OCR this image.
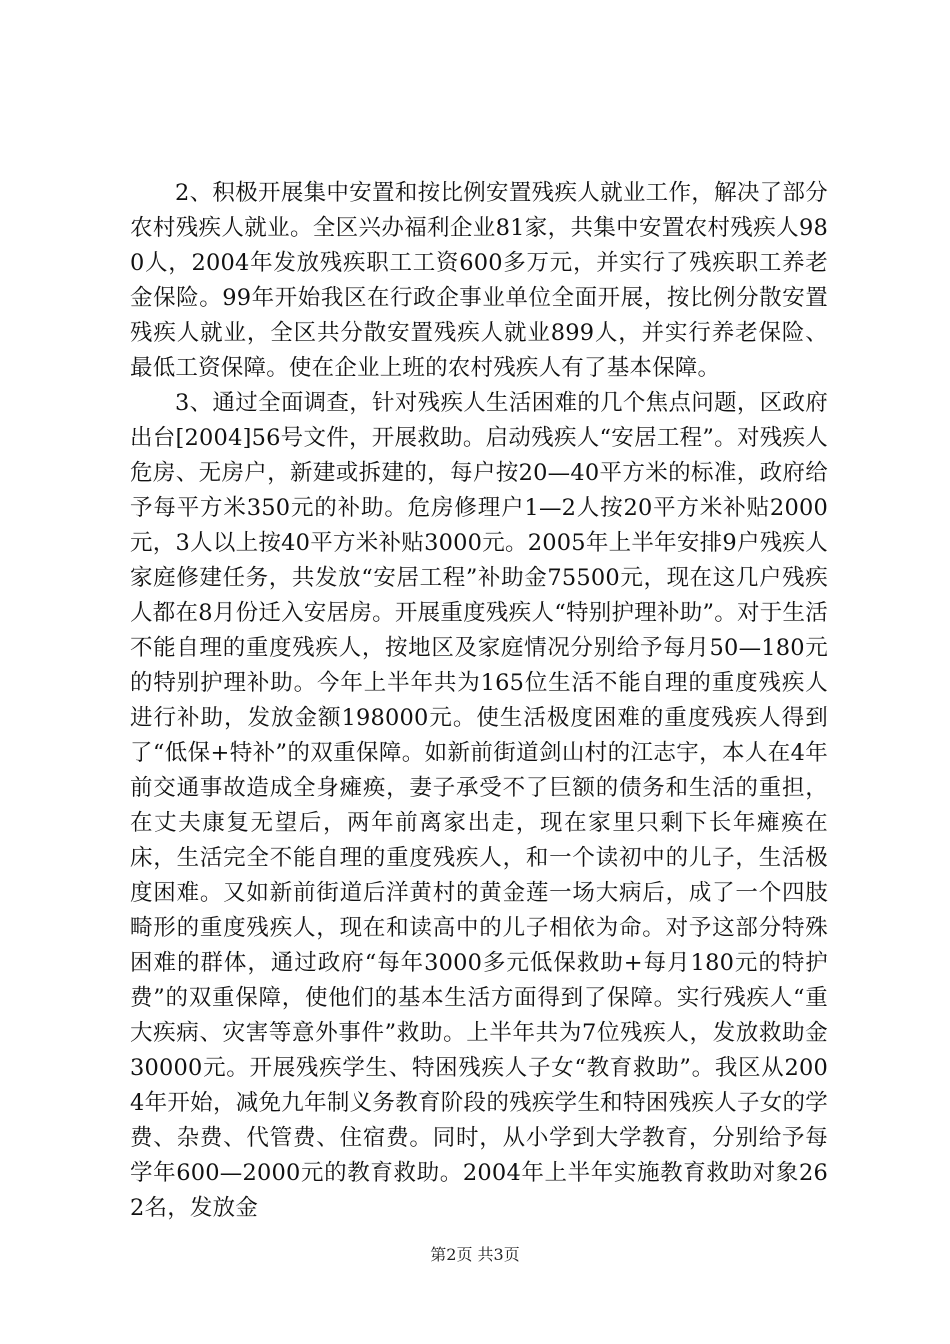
2、积极开展集中安置和按比例安置残疾人就业工作，解决了部分农村残疾人就业。全区兴办福利企业81家，共集中安置农村残疾人980人，2004年发放残疾职工工资600多万元，并实行了残疾职工养老金保险。99年开始我区在行政企事业单位全面开展，按比例分散安置残疾人就业，全区共分散安置残疾人就业899人，并实行养老保险、最低工资保障。使在企业上班的农村残疾人有了基本保障。

3、通过全面调查，针对残疾人生活困难的几个焦点问题，区政府出台[2004]56号文件，开展救助。启动残疾人“安居工程”。对残疾人危房、无房户，新建或拆建的，每户按20—40平方米的标准，政府给予每平方米350元的补助。危房修理户1—2人按20平方米补贴2000元，3人以上按40平方米补贴3000元。2005年上半年安排9户残疾人家庭修建任务，共发放“安居工程”补助金75500元，现在这几户残疾人都在8月份迁入安居房。开展重度残疾人“特别护理补助”。对于生活不能自理的重度残疾人，按地区及家庭情况分别给予每月50—180元的特别护理补助。今年上半年共为165位生活不能自理的重度残疾人进行补助，发放金额198000元。使生活极度困难的重度残疾人得到了“低保+特补”的双重保障。如新前街道剑山村的江志宇，本人在4年前交通事故造成全身瘫痪，妻子承受不了巨额的债务和生活的重担，在丈夫康复无望后，两年前离家出走，现在家里只剩下长年瘫痪在床，生活完全不能自理的重度残疾人，和一个读初中的儿子，生活极度困难。又如新前街道后洋黄村的黄金莲一场大病后，成了一个四肢畸形的重度残疾人，现在和读高中的儿子相依为命。对予这部分特殊困难的群体，通过政府“每年3000多元低保救助+每月180元的特护费”的双重保障，使他们的基本生活方面得到了保障。实行残疾人“重大疾病、灾害等意外事件”救助。上半年共为7位残疾人，发放救助金30000元。开展残疾学生、特困残疾人子女“教育救助”。我区从2004年开始，减免九年制义务教育阶段的残疾学生和特困残疾人子女的学费、杂费、代管费、住宿费。同时，从小学到大学教育，分别给予每学年600—2000元的教育救助。2004年上半年实施教育救助对象262名，发放金

第2页 共3页
